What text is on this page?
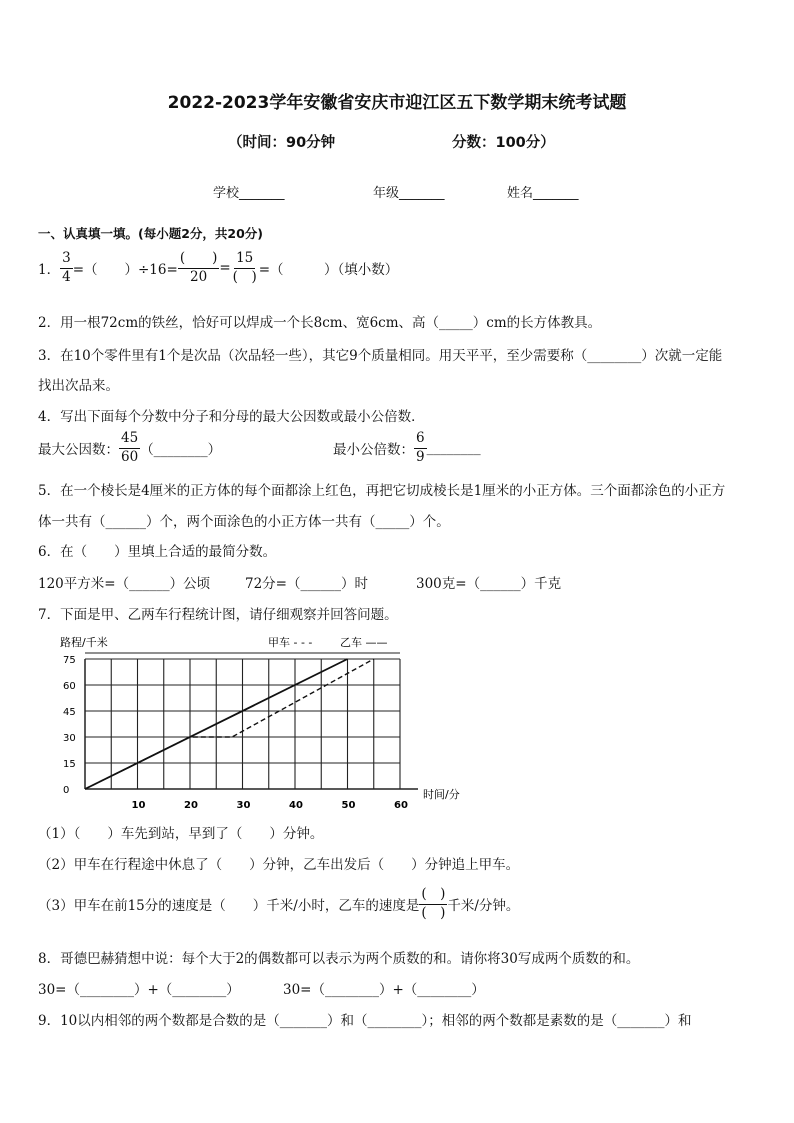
2022-2023学年安徽省安庆市迎江区五下数学期末统考试题
（时间：90分钟	分数：100分）
学校_______	年级_______	姓名_______
一、认真填一填。(每小题2分，共20分)
1． $\frac{3}{4}$ =（　　）$\div 16= \frac{( )}{20} = \frac{15}{( )}$ =（　　　）（填小数）
2．用一根72cm的铁丝，恰好可以焊成一个长8cm、宽6cm、高（_____）cm的长方体教具。
3．在10个零件里有1个是次品（次品轻一些），其它9个质量相同。用天平平，至少需要称（________）次就一定能
找出次品来。
4．写出下面每个分数中分子和分母的最大公因数或最小公倍数．
最大公因数： $\frac{45}{60}$ （________）	最小公倍数： $\frac{6}{9}$ ________
5．在一个棱长是4厘米的正方体的每个面都涂上红色，再把它切成棱长是1厘米的小正方体。三个面都涂色的小正方
体一共有（______）个，两个面涂色的小正方体一共有（_____）个。
6．在（　　）里填上合适的最简分数。
120平方米=（______）公顷	72分=（______）时	300克=（______）千克
7．下面是甲、乙两车行程统计图，请仔细观察并回答问题。
75
60
45
30
15
0
10	20	30	40	50	60
路程/千米
时间/分
甲车 - - -	乙车 ——
（1）（　　）车先到站，早到了（　　）分钟。
（2）甲车在行程途中休息了（　　）分钟，乙车出发后（　　）分钟追上甲车。
（3）甲车在前15分的速度是（　　）千米/小时，乙车的速度是 $\frac{( )}{( )}$ 千米/分钟。
8．哥德巴赫猜想中说：每个大于2的偶数都可以表示为两个质数的和。请你将30写成两个质数的和。
30=（________）+（________）	30=（________）+（________）
9．10以内相邻的两个数都是合数的是（_______）和（________）；相邻的两个数都是素数的是（_______）和
